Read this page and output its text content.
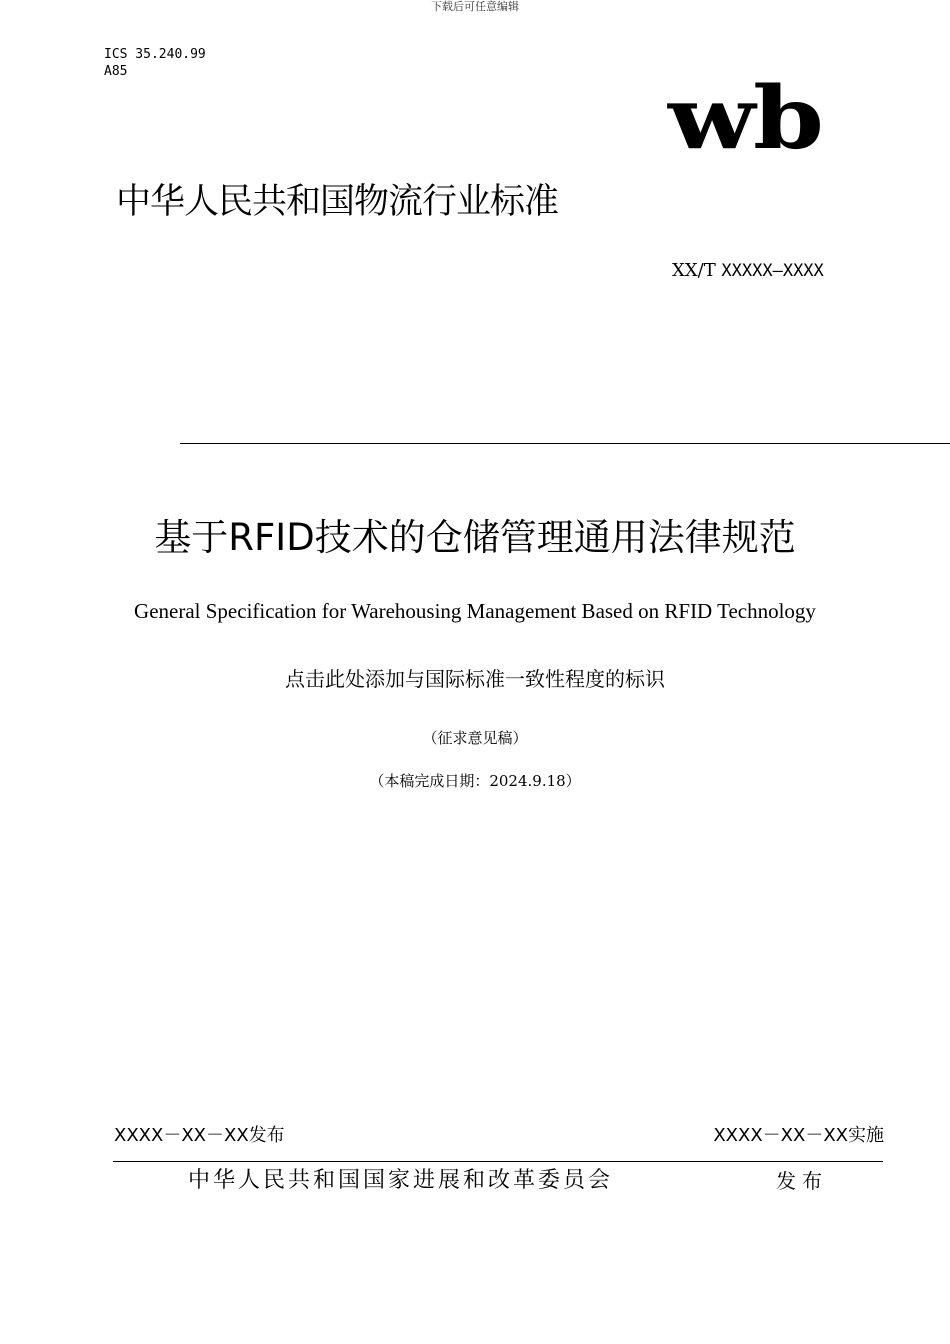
下载后可任意编辑
ICS 35.240.99
A85	wb
中华人民共和国物流行业标准
XX/T XXXXX—XXXX
基于RFID技术的仓储管理通用法律规范
General Specification for Warehousing Management Based on RFID Technology
点击此处添加与国际标准一致性程度的标识
（征求意见稿）
（本稿完成日期：2024.9.18）
XXXX－XX－XX发布	XXXX－XX－XX实施
中华人民共和国国家进展和改革委员会	发布
